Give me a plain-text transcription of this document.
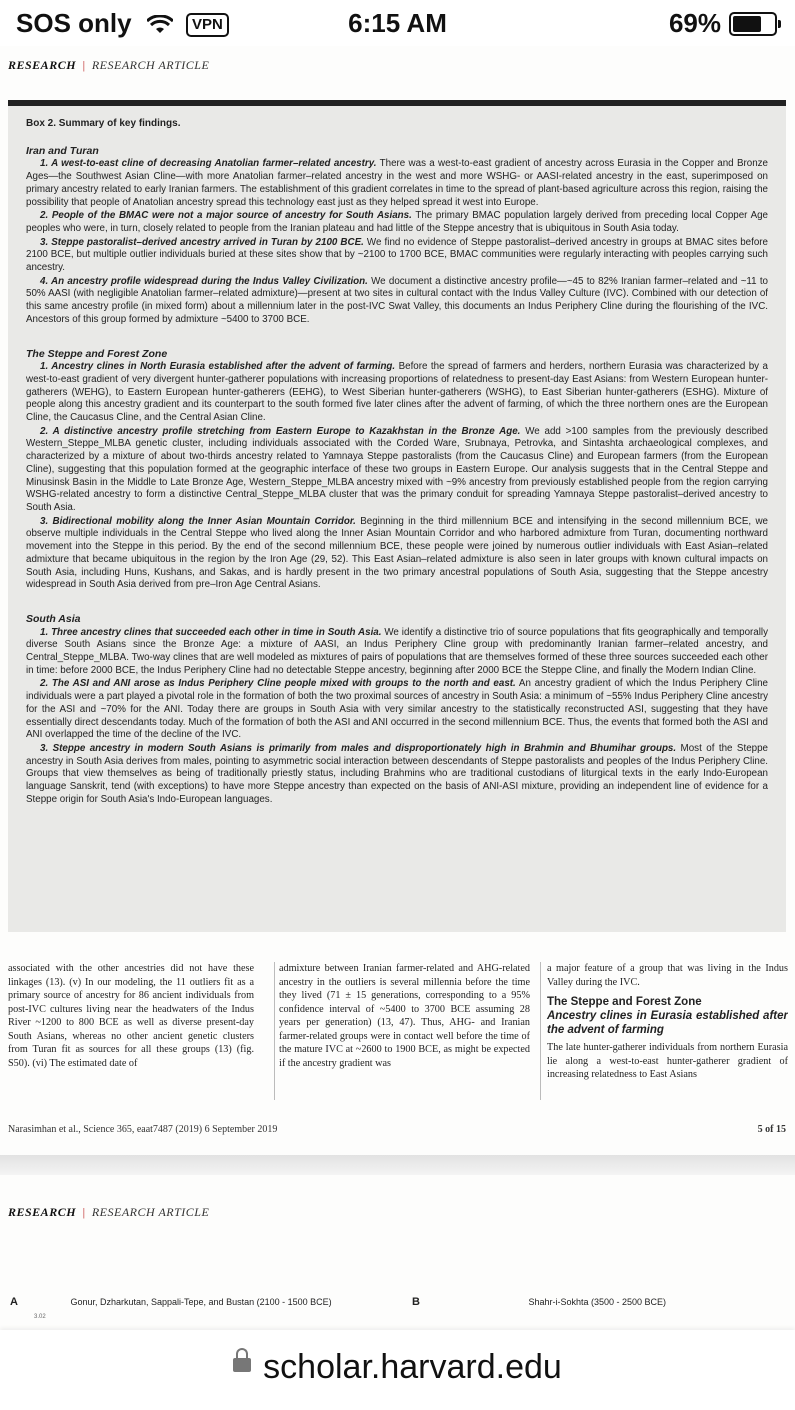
SOS only	VPN	6:15 AM	69%
RESEARCH | RESEARCH ARTICLE
Box 2. Summary of key findings.
Iran and Turan

1. A west-to-east cline of decreasing Anatolian farmer–related ancestry. There was a west-to-east gradient of ancestry across Eurasia in the Copper and Bronze Ages—the Southwest Asian Cline—with more Anatolian farmer–related ancestry in the west and more WSHG- or AASI-related ancestry in the east, superimposed on primary ancestry related to early Iranian farmers. The establishment of this gradient correlates in time to the spread of plant-based agriculture across this region, raising the possibility that people of Anatolian ancestry spread this technology east just as they helped spread it west into Europe.

2. People of the BMAC were not a major source of ancestry for South Asians. The primary BMAC population largely derived from preceding local Copper Age peoples who were, in turn, closely related to people from the Iranian plateau and had little of the Steppe ancestry that is ubiquitous in South Asia today.

3. Steppe pastoralist–derived ancestry arrived in Turan by 2100 BCE. We find no evidence of Steppe pastoralist–derived ancestry in groups at BMAC sites before 2100 BCE, but multiple outlier individuals buried at these sites show that by ~2100 to 1700 BCE, BMAC communities were regularly interacting with peoples carrying such ancestry.

4. An ancestry profile widespread during the Indus Valley Civilization. We document a distinctive ancestry profile—~45 to 82% Iranian farmer–related and ~11 to 50% AASI (with negligible Anatolian farmer–related admixture)—present at two sites in cultural contact with the Indus Valley Culture (IVC). Combined with our detection of this same ancestry profile (in mixed form) about a millennium later in the post-IVC Swat Valley, this documents an Indus Periphery Cline during the flourishing of the IVC. Ancestors of this group formed by admixture ~5400 to 3700 BCE.

The Steppe and Forest Zone

1. Ancestry clines in North Eurasia established after the advent of farming. Before the spread of farmers and herders, northern Eurasia was characterized by a west-to-east gradient of very divergent hunter-gatherer populations with increasing proportions of relatedness to present-day East Asians: from Western European hunter-gatherers (WEHG), to Eastern European hunter-gatherers (EEHG), to West Siberian hunter-gatherers (WSHG), to East Siberian hunter-gatherers (ESHG). Mixture of people along this ancestry gradient and its counterpart to the south formed five later clines after the advent of farming, of which the three northern ones are the European Cline, the Caucasus Cline, and the Central Asian Cline.

2. A distinctive ancestry profile stretching from Eastern Europe to Kazakhstan in the Bronze Age. We add >100 samples from the previously described Western_Steppe_MLBA genetic cluster, including individuals associated with the Corded Ware, Srubnaya, Petrovka, and Sintashta archaeological complexes, and characterized by a mixture of about two-thirds ancestry related to Yamnaya Steppe pastoralists (from the Caucasus Cline) and European farmers (from the European Cline), suggesting that this population formed at the geographic interface of these two groups in Eastern Europe. Our analysis suggests that in the Central Steppe and Minusinsk Basin in the Middle to Late Bronze Age, Western_Steppe_MLBA ancestry mixed with ~9% ancestry from previously established people from the region carrying WSHG-related ancestry to form a distinctive Central_Steppe_MLBA cluster that was the primary conduit for spreading Yamnaya Steppe pastoralist–derived ancestry to South Asia.

3. Bidirectional mobility along the Inner Asian Mountain Corridor. Beginning in the third millennium BCE and intensifying in the second millennium BCE, we observe multiple individuals in the Central Steppe who lived along the Inner Asian Mountain Corridor and who harbored admixture from Turan, documenting northward movement into the Steppe in this period. By the end of the second millennium BCE, these people were joined by numerous outlier individuals with East Asian–related admixture that became ubiquitous in the region by the Iron Age (29, 52). This East Asian–related admixture is also seen in later groups with known cultural impacts on South Asia, including Huns, Kushans, and Sakas, and is hardly present in the two primary ancestral populations of South Asia, suggesting that the Steppe ancestry widespread in South Asia derived from pre–Iron Age Central Asians.

South Asia

1. Three ancestry clines that succeeded each other in time in South Asia. We identify a distinctive trio of source populations that fits geographically and temporally diverse South Asians since the Bronze Age: a mixture of AASI, an Indus Periphery Cline group with predominantly Iranian farmer–related ancestry, and Central_Steppe_MLBA. Two-way clines that are well modeled as mixtures of pairs of populations that are themselves formed of these three sources succeeded each other in time: before 2000 BCE, the Indus Periphery Cline had no detectable Steppe ancestry, beginning after 2000 BCE the Steppe Cline, and finally the Modern Indian Cline.

2. The ASI and ANI arose as Indus Periphery Cline people mixed with groups to the north and east. An ancestry gradient of which the Indus Periphery Cline individuals were a part played a pivotal role in the formation of both the two proximal sources of ancestry in South Asia: a minimum of ~55% Indus Periphery Cline ancestry for the ASI and ~70% for the ANI. Today there are groups in South Asia with very similar ancestry to the statistically reconstructed ASI, suggesting that they have essentially direct descendants today. Much of the formation of both the ASI and ANI occurred in the second millennium BCE. Thus, the events that formed both the ASI and ANI overlapped the time of the decline of the IVC.

3. Steppe ancestry in modern South Asians is primarily from males and disproportionately high in Brahmin and Bhumihar groups. Most of the Steppe ancestry in South Asia derives from males, pointing to asymmetric social interaction between descendants of Steppe pastoralists and peoples of the Indus Periphery Cline. Groups that view themselves as being of traditionally priestly status, including Brahmins who are traditional custodians of liturgical texts in the early Indo-European language Sanskrit, tend (with exceptions) to have more Steppe ancestry than expected on the basis of ANI-ASI mixture, providing an independent line of evidence for a Steppe origin for South Asia's Indo-European languages.

associated with the other ancestries did not have these linkages (13). (v) In our modeling, the 11 outliers fit as a primary source of ancestry for 86 ancient individuals from post-IVC cultures living near the headwaters of the Indus River ~1200 to 800 BCE as well as diverse present-day South Asians, whereas no other ancient genetic clusters from Turan fit as sources for all these groups (13) (fig. S50). (vi) The estimated date of
admixture between Iranian farmer-related and AHG-related ancestry in the outliers is several millennia before the time they lived (71 ± 15 generations, corresponding to a 95% confidence interval of ~5400 to 3700 BCE assuming 28 years per generation) (13, 47). Thus, AHG- and Iranian farmer-related groups were in contact well before the time of the mature IVC at ~2600 to 1900 BCE, as might be expected if the ancestry gradient was
a major feature of a group that was living in the Indus Valley during the IVC.
The Steppe and Forest Zone
Ancestry clines in Eurasia established after the advent of farming
The late hunter-gatherer individuals from northern Eurasia lie along a west-to-east hunter-gatherer gradient of increasing relatedness to East Asians
Narasimhan et al., Science 365, eaat7487 (2019) 6 September 2019	5 of 15
RESEARCH | RESEARCH ARTICLE
A	Gonur, Dzharkutan, Sappali-Tepe, and Bustan (2100 - 1500 BCE)
3.02
B	Shahr-i-Sokhta (3500 - 2500 BCE)
scholar.harvard.edu
